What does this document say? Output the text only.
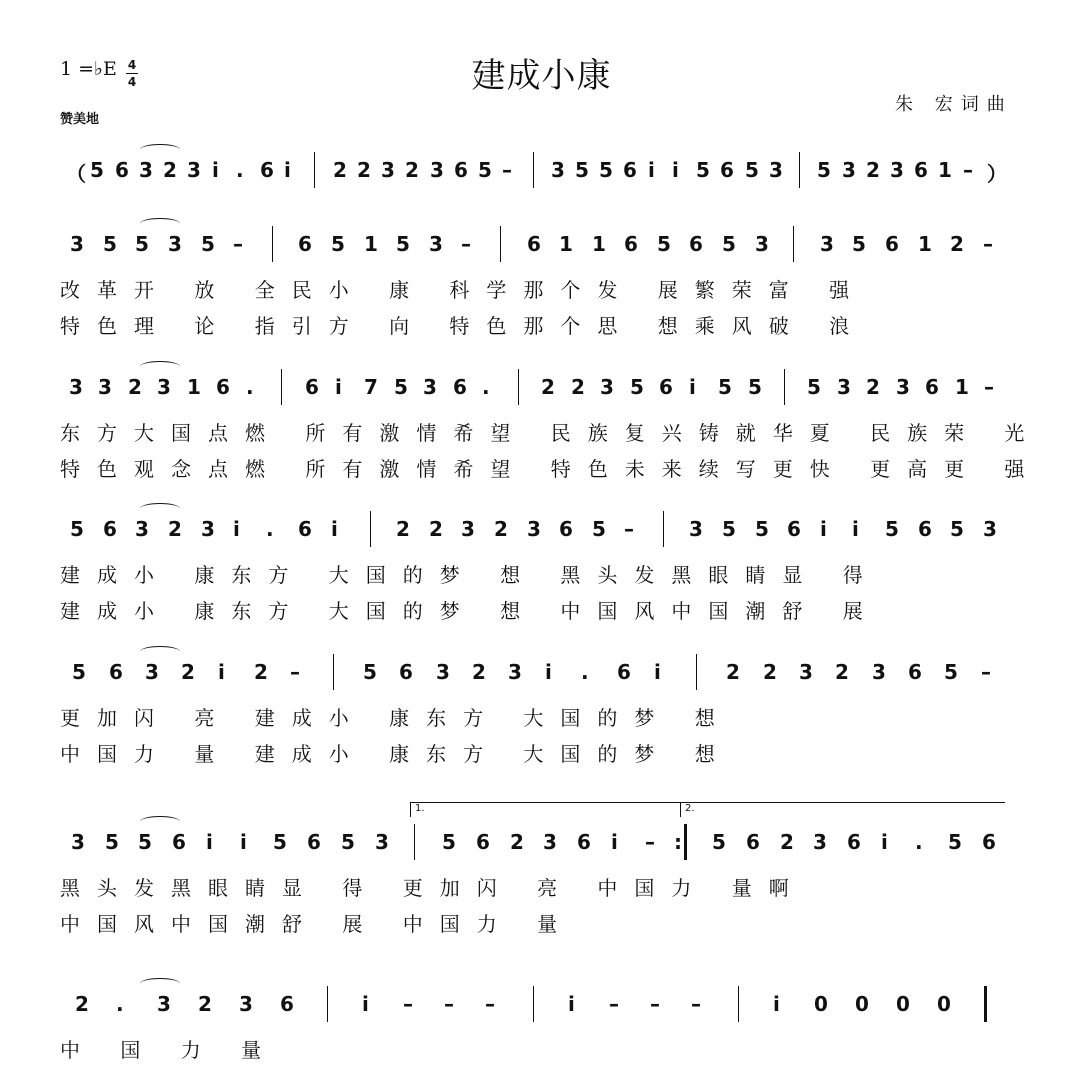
1 =♭E 4
4	建成小康
朱 宏词曲
赞美地
（ 5 6 3 2 3 i . 6 i 2 2 3 2 3 6 5 – 3 5 5 6 i i 5 6 5 3 5 3 2 3 6 1 – ）
3 5 5 3 5 –	6 5 1 5 3 –	6 1 1 6 5 6 5 3	3 5 6 1 2 –
改革开 放 全民小 康 科学那个发 展繁荣富 强
特色理 论 指引方 向 特色那个思 想乘风破 浪
3 3 2 3 1 6 .	6 i 7 5 3 6 .	2 2 3 5 6 i 5 5 5 3 2 3 6 1 –
东方大国点燃 所有激情希望 民族复兴铸就华夏 民族荣 光
特色观念点燃 所有激情希望 特色未来续写更快 更高更 强
5 6 3 2 3 i . 6 i	2 2 3 2 3 6 5 –	3 5 5 6 i i 5 6 5 3
建成小 康东方 大国的梦 想 黑头发黑眼睛显 得
建成小 康东方 大国的梦 想 中国风中国潮舒 展
5 6 3 2 i 2 –	5 6 3 2 3 i . 6 i	2 2 3 2 3 6 5 –
更加闪 亮 建成小 康东方 大国的梦 想
中国力 量 建成小 康东方 大国的梦 想
3 5 5 6 i i 5 6 5 3	5 6 2 3 6 i – : 5 6 2 3 6 i . 5 6
1.	2.
黑头发黑眼睛显 得 更加闪 亮 中国力 量啊
中国风中国潮舒 展 中国力 量
2 . 3 2 3 6	i – – –	i – – –	i 0 0 0 0
中 国 力 量
